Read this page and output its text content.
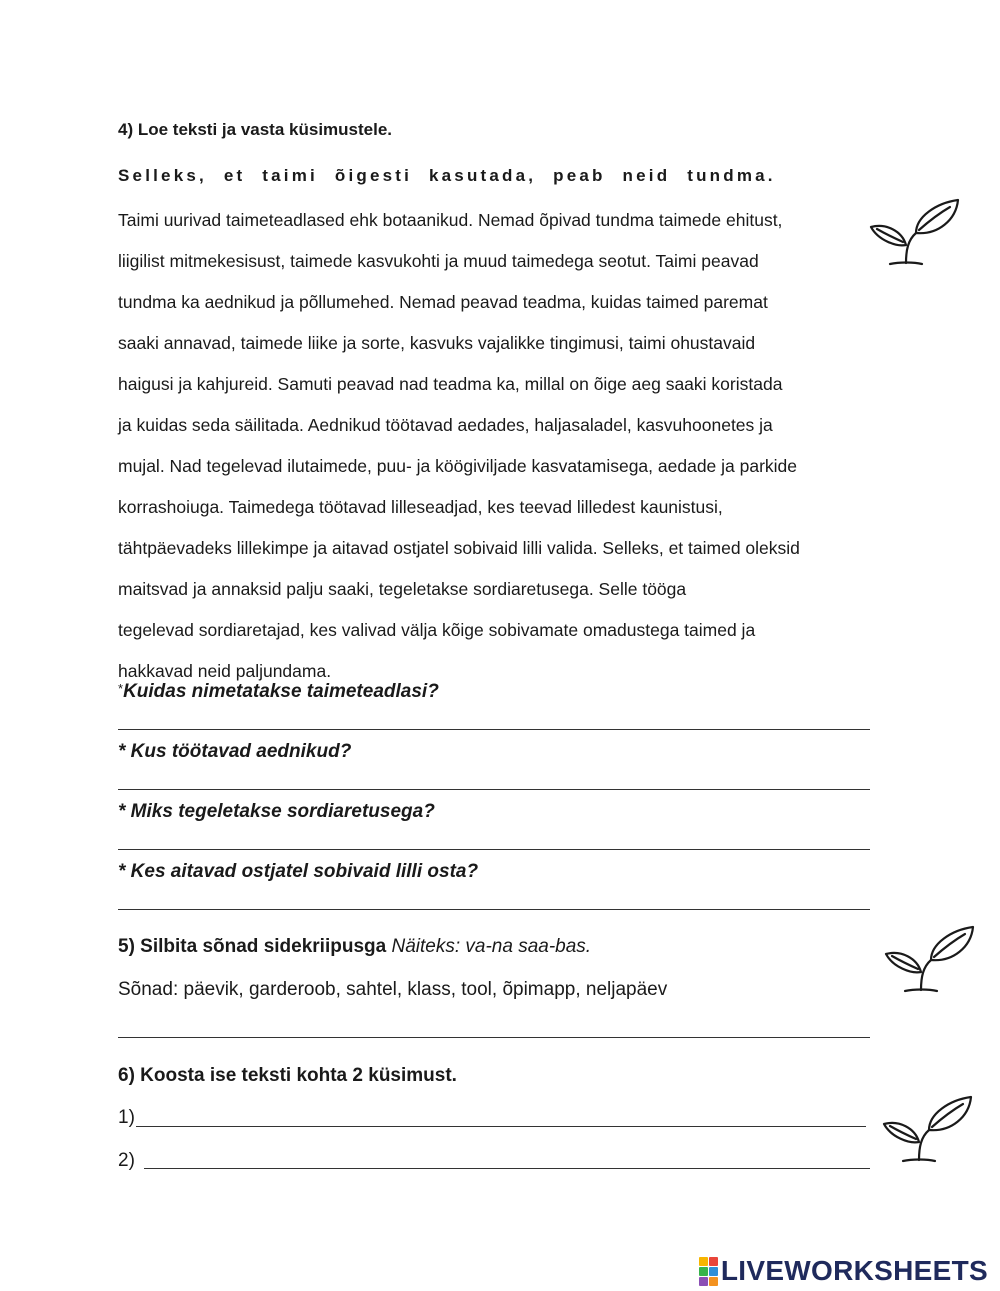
4) Loe teksti ja vasta küsimustele.
Selleks, et taimi õigesti kasutada, peab neid tundma.
Taimi uurivad taimeteadlased ehk botaanikud. Nemad õpivad tundma taimede ehitust,
liigilist mitmekesisust, taimede kasvukohti ja muud taimedega seotut. Taimi peavad
tundma ka aednikud ja põllumehed. Nemad peavad teadma, kuidas taimed paremat
saaki annavad, taimede liike ja sorte, kasvuks vajalikke tingimusi, taimi ohustavaid
haigusi ja kahjureid. Samuti peavad nad teadma ka, millal on õige aeg saaki koristada
ja kuidas seda säilitada. Aednikud töötavad aedades, haljasaladel, kasvuhoonetes ja
mujal. Nad tegelevad ilutaimede, puu- ja köögiviljade kasvatamisega, aedade ja parkide
korrashoiuga. Taimedega töötavad lilleseadjad, kes teevad lilledest kaunistusi,
tähtpäevadeks lillekimpe ja aitavad ostjatel sobivaid lilli valida. Selleks, et taimed oleksid
maitsvad ja annaksid palju saaki, tegeletakse sordiaretusega. Selle tööga
tegelevad sordiaretajad, kes valivad välja kõige sobivamate omadustega taimed ja
hakkavad neid paljundama.
*Kuidas nimetatakse taimeteadlasi?
* Kus töötavad aednikud?
* Miks tegeletakse sordiaretusega?
* Kes aitavad ostjatel sobivaid lilli osta?
5) Silbita sõnad sidekriipusga Näiteks: va-na saa-bas.
Sõnad: päevik, garderoob, sahtel, klass, tool, õpimapp, neljapäev
6) Koosta ise teksti kohta 2 küsimust.
1)
2)
LIVEWORKSHEETS
